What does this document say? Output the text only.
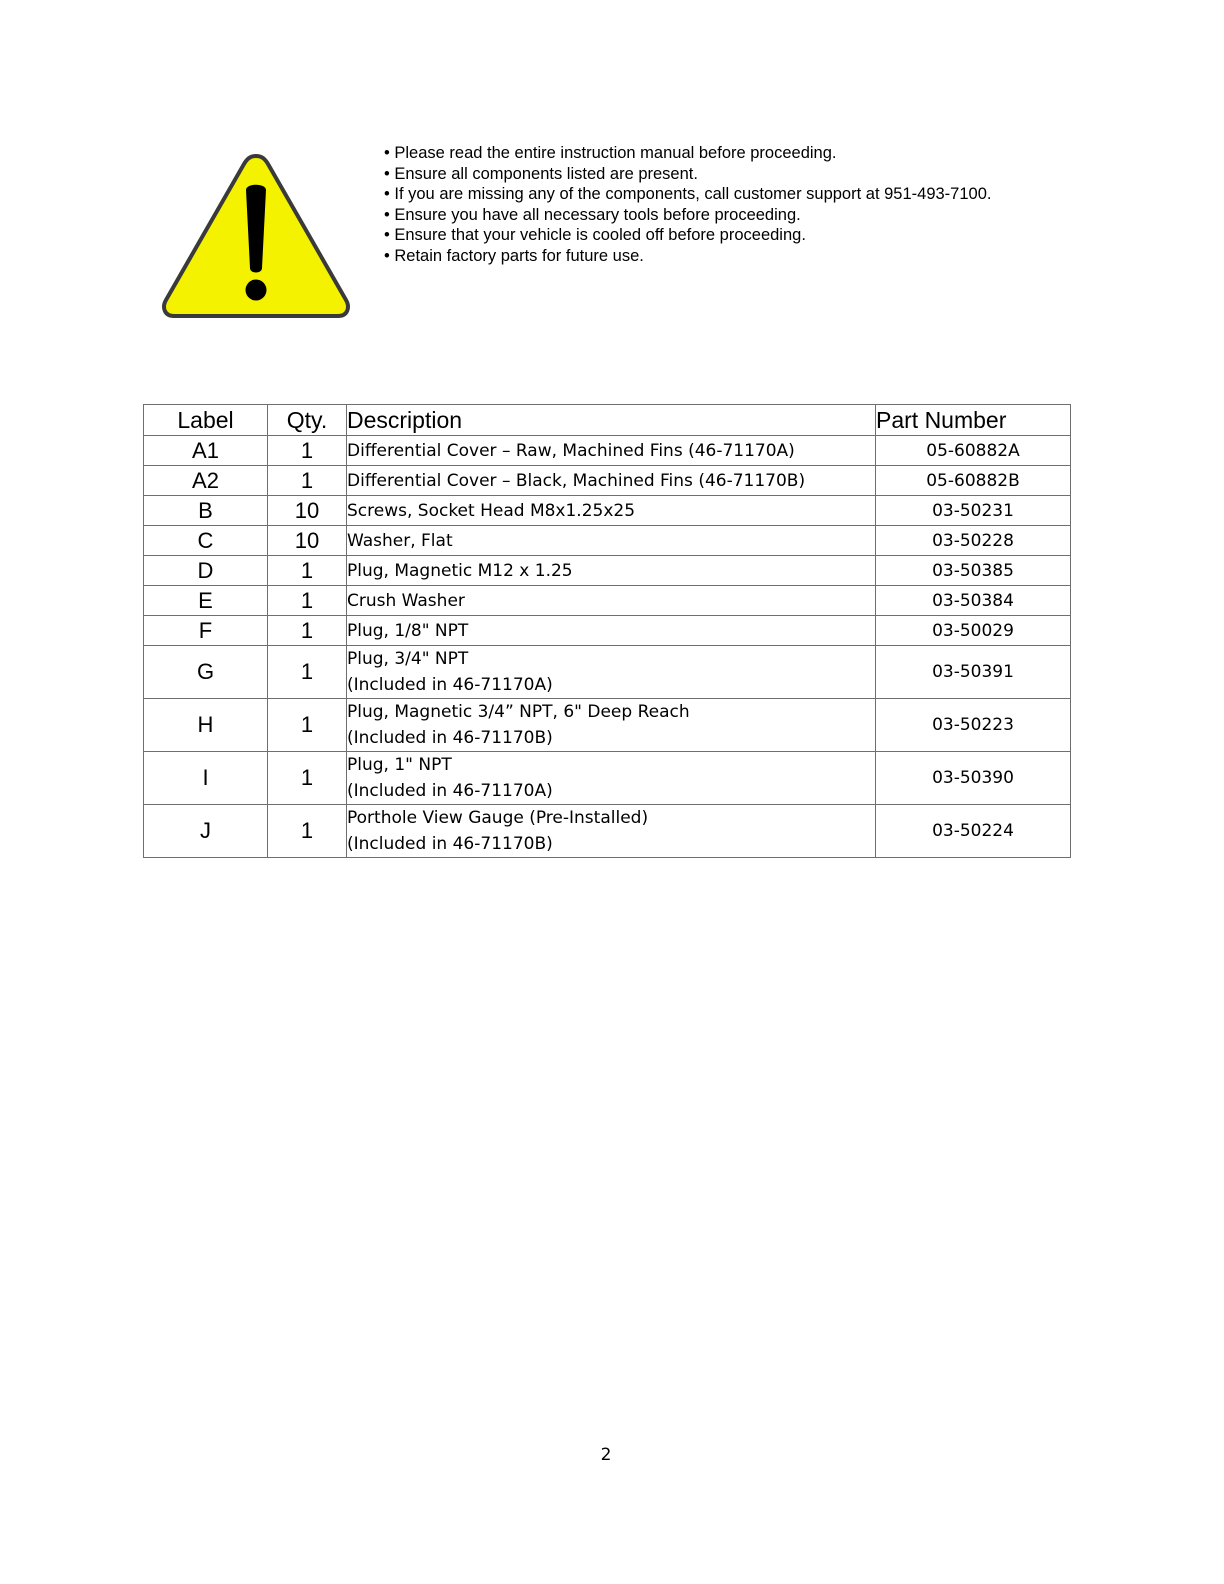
• Please read the entire instruction manual before proceeding.
• Ensure all components listed are present.
• If you are missing any of the components, call customer support at 951-493-7100.
• Ensure you have all necessary tools before proceeding.
• Ensure that your vehicle is cooled off before proceeding.
• Retain factory parts for future use.
Label	Qty.	Description	Part Number
A1	1	Differential Cover – Raw, Machined Fins (46-71170A)	05-60882A
A2	1	Differential Cover – Black, Machined Fins (46-71170B)	05-60882B
B	10	Screws, Socket Head M8x1.25x25	03-50231
C	10	Washer, Flat	03-50228
D	1	Plug, Magnetic M12 x 1.25	03-50385
E	1	Crush Washer	03-50384
F	1	Plug, 1/8" NPT	03-50029
G	1	Plug, 3/4" NPT
(Included in 46-71170A)	03-50391
H	1	Plug, Magnetic 3/4” NPT, 6" Deep Reach
(Included in 46-71170B)	03-50223
I	1	Plug, 1" NPT
(Included in 46-71170A)	03-50390
J	1	Porthole View Gauge (Pre-Installed)
(Included in 46-71170B)	03-50224
2
